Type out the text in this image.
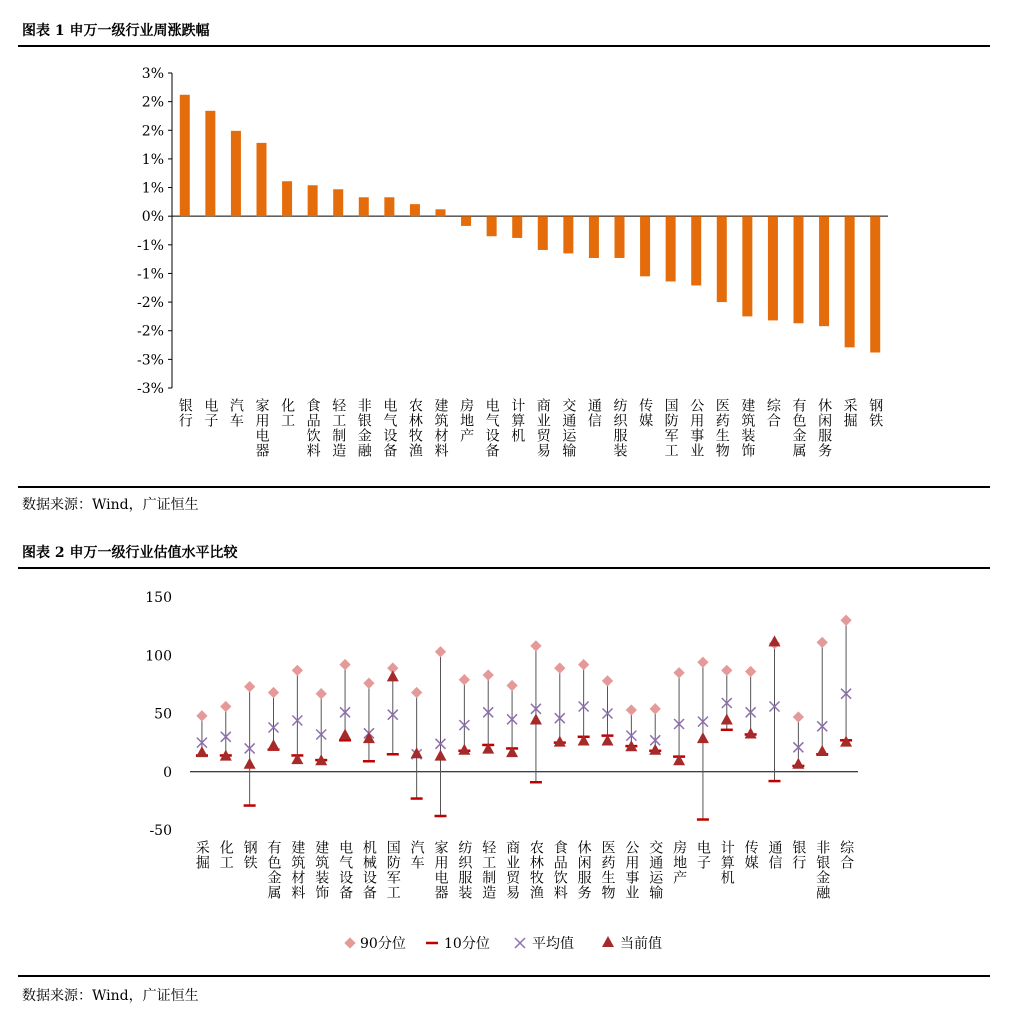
图表 1 申万一级行业周涨跌幅
3%
2%
2%
1%
1%
0%
-1%
-1%
-2%
-2%
-3%
-3%
银行 电子 汽车 家用电器 化工 食品饮料 轻工制造 非银金融 电气设备 农林牧渔 建筑材料 房地产 电气设备 计算机 商业贸易 交通运输 通信 纺织服装 传媒 国防军工 公用事业 医药生物 建筑装饰 综合 有色金属 休闲服务 采掘 钢铁
数据来源：Wind，广证恒生
图表 2 申万一级行业估值水平比较
150
100
50
0
-50
采掘 化工 钢铁 有色金属 建筑材料 建筑装饰 电气设备 机械设备 国防军工 汽车 家用电器 纺织服装 轻工制造 商业贸易 农林牧渔 食品饮料 休闲服务 医药生物 公用事业 交通运输 房地产 电子 计算机 传媒 通信 银行 非银金融 综合
90分位	10分位	平均值	当前值
数据来源：Wind，广证恒生
